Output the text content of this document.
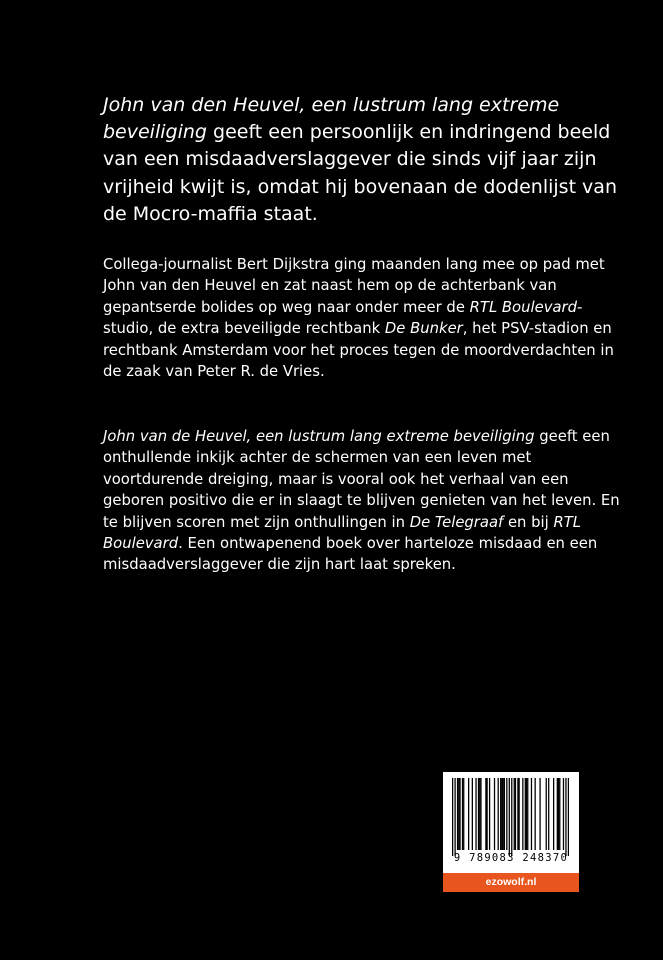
John van den Heuvel, een lustrum lang extreme beveiliging geeft een persoonlijk en indringend beeld van een misdaadverslaggever die sinds vijf jaar zijn vrijheid kwijt is, omdat hij bovenaan de dodenlijst van de Mocro-maffia staat.

Collega-journalist Bert Dijkstra ging maanden lang mee op pad met John van den Heuvel en zat naast hem op de achterbank van gepantserde bolides op weg naar onder meer de RTL Boulevard-studio, de extra beveiligde rechtbank De Bunker, het PSV-stadion en rechtbank Amsterdam voor het proces tegen de moordverdachten in de zaak van Peter R. de Vries.

John van de Heuvel, een lustrum lang extreme beveiliging geeft een onthullende inkijk achter de schermen van een leven met voortdurende dreiging, maar is vooral ook het verhaal van een geboren positivo die er in slaagt te blijven genieten van het leven. En te blijven scoren met zijn onthullingen in De Telegraaf en bij RTL Boulevard. Een ontwapenend boek over harteloze misdaad en een misdaadverslaggever die zijn hart laat spreken.

9 789083 248370
ezowolf.nl
